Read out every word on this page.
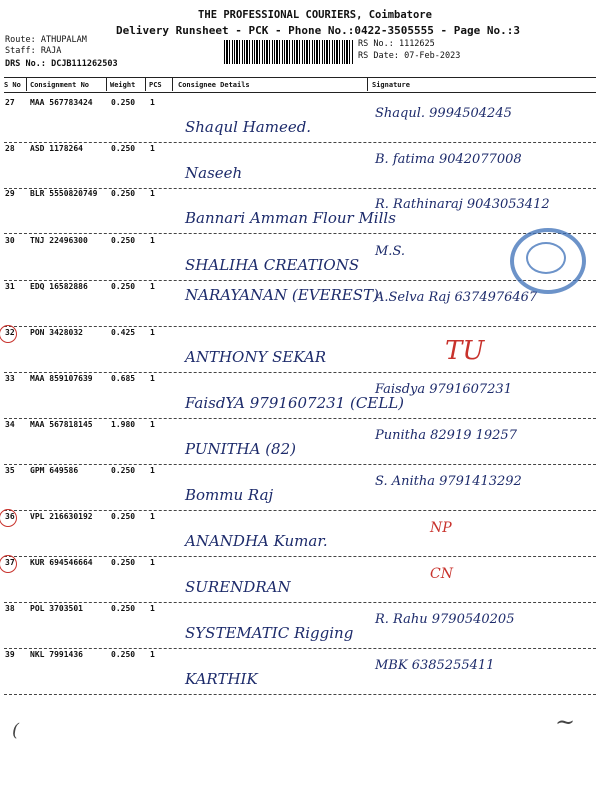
THE PROFESSIONAL COURIERS, Coimbatore
Delivery Runsheet - PCK - Phone No.:0422-3505555 - Page No.:3
Route: ATHUPALAM
Staff: RAJA
DRS No.: DCJB111262503
RS No.: 1112625
RS Date: 07-Feb-2023
S No Consignment No	Weight PCS Consignee Details	Signature
27 MAA 567783424 0.250 1
Shaqul Hameed.
Shaqul. 9994504245
28 ASD 1178264	0.250 1
Naseeh
B. fatima 9042077008
29 BLR 5550820749 0.250 1
Bannari Amman Flour Mills
R. Rathinaraj 9043053412
30 TNJ 22496300	0.250 1
SHALIHA CREATIONS
M.S.
31 EDQ 16582886	0.250 1 NARAYANAN (EVEREST)
A.Selva Raj 6374976467
32 PON 3428032	0.425 1
ANTHONY SEKAR	TU
33 MAA 859107639 0.685 1
FaisdYA 9791607231 (CELL)
Faisdya 9791607231
34 MAA 567818145 1.980 1
PUNITHA (82)
Punitha 82919 19257
35 GPM 649586	0.250 1
Bommu Raj
S. Anitha 9791413292
36 VPL 216630192 0.250 1
ANANDHA Kumar.
NP
37 KUR 694546664 0.250 1
SURENDRAN
CN
38 POL 3703501	0.250 1
SYSTEMATIC Rigging
R. Rahu 9790540205
39 NKL 7991436	0.250 1
KARTHIK
MBK 6385255411
~
(
